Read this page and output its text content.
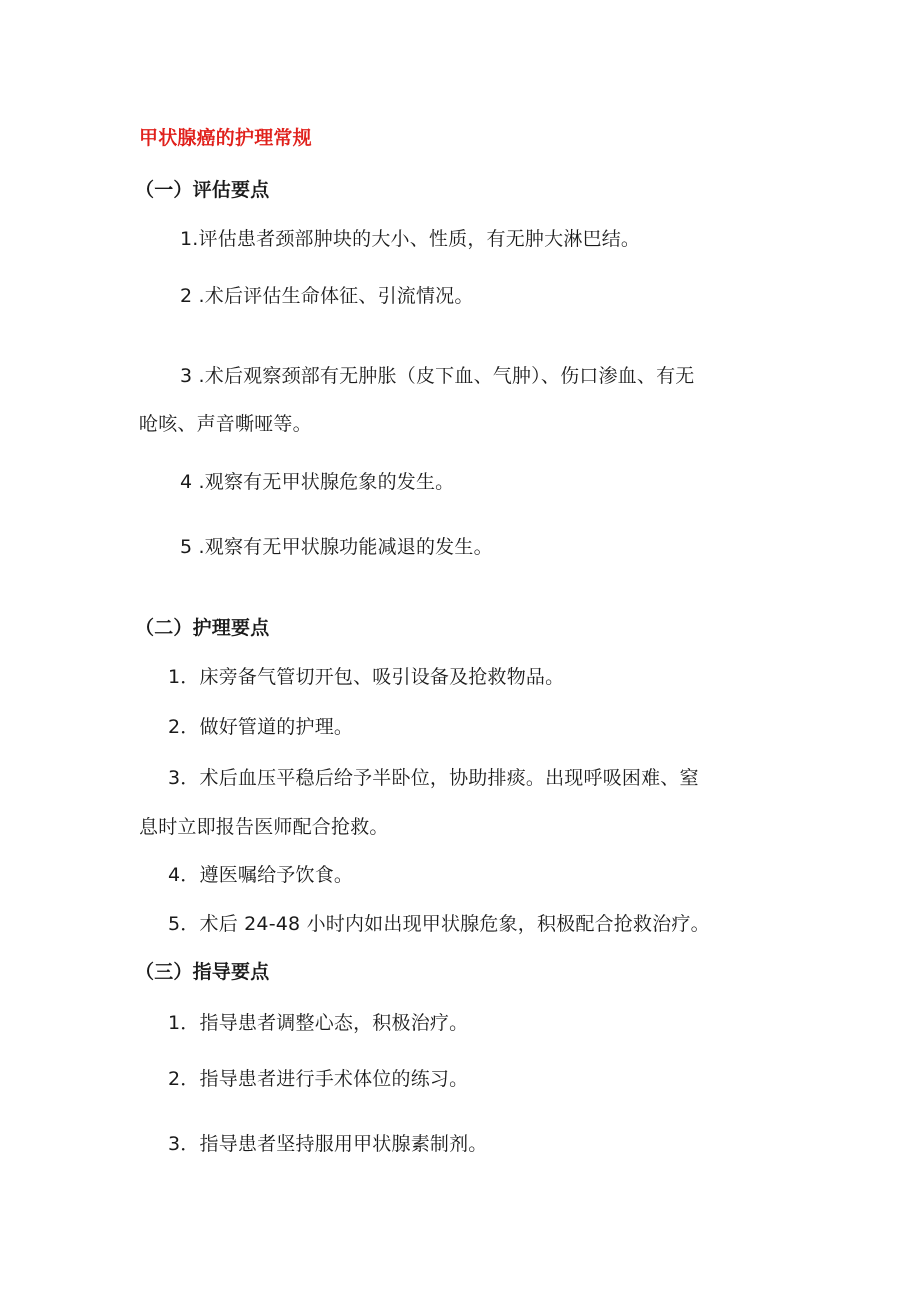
甲状腺癌的护理常规
（一）评估要点
1.评估患者颈部肿块的大小、性质，有无肿大淋巴结。
2 .术后评估生命体征、引流情况。
3 .术后观察颈部有无肿胀（皮下血、气肿）、伤口渗血、有无
呛咳、声音嘶哑等。
4 .观察有无甲状腺危象的发生。
5 .观察有无甲状腺功能减退的发生。
（二）护理要点
1．床旁备气管切开包、吸引设备及抢救物品。
2．做好管道的护理。
3．术后血压平稳后给予半卧位，协助排痰。出现呼吸困难、窒
息时立即报告医师配合抢救。
4．遵医嘱给予饮食。
5．术后 24-48 小时内如出现甲状腺危象，积极配合抢救治疗。
（三）指导要点
1．指导患者调整心态，积极治疗。
2．指导患者进行手术体位的练习。
3．指导患者坚持服用甲状腺素制剂。
